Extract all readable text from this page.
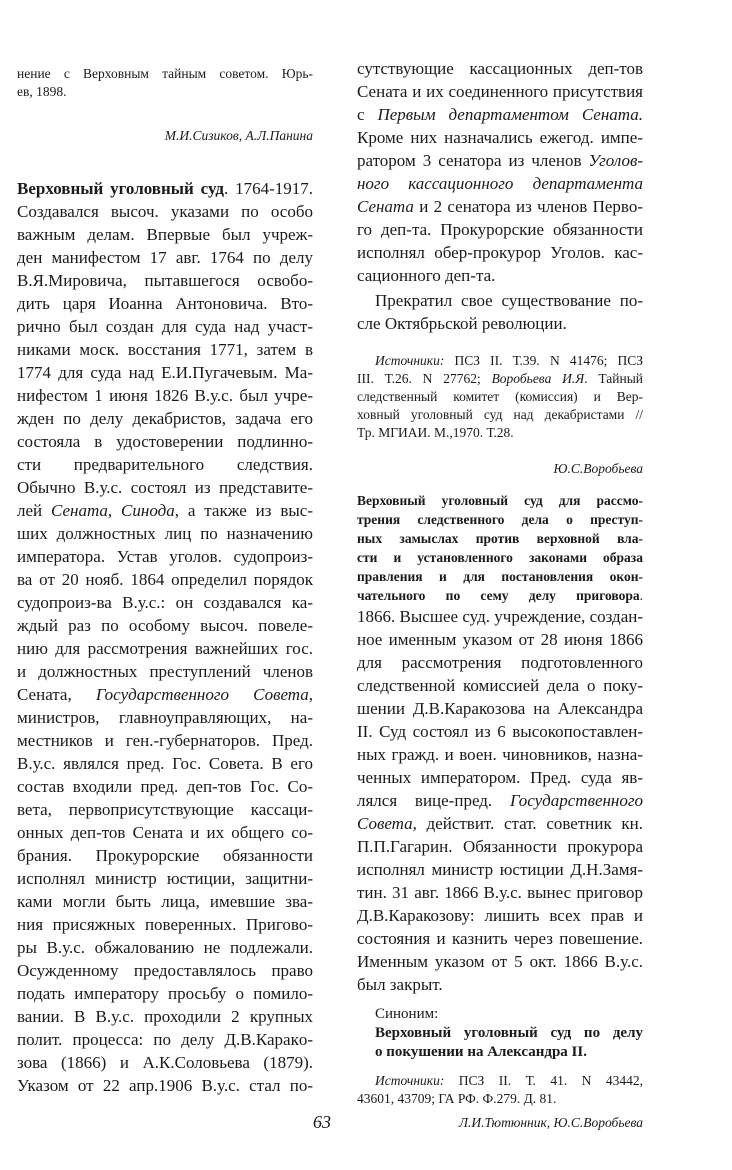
нение с Верховным тайным советом. Юрь-
ев, 1898.
М.И.Сизиков, А.Л.Панина
Верховный уголовный суд. 1764-1917.
Создавался высоч. указами по особо
важным делам. Впервые был учреж-
ден манифестом 17 авг. 1764 по делу
В.Я.Мировича, пытавшегося освобо-
дить царя Иоанна Антоновича. Вто-
рично был создан для суда над участ-
никами моск. восстания 1771, затем в
1774 для суда над Е.И.Пугачевым. Ма-
нифестом 1 июня 1826 В.у.с. был учре-
жден по делу декабристов, задача его
состояла в удостоверении подлинно-
сти предварительного следствия.
Обычно В.у.с. состоял из представите-
лей Сената, Синода, а также из выс-
ших должностных лиц по назначению
императора. Устав уголов. судопроиз-
ва от 20 нояб. 1864 определил порядок
судопроиз-ва В.у.с.: он создавался ка-
ждый раз по особому высоч. повеле-
нию для рассмотрения важнейших гос.
и должностных преступлений членов
Сената, Государственного Совета,
министров, главноуправляющих, на-
местников и ген.-губернаторов. Пред.
В.у.с. являлся пред. Гос. Совета. В его
состав входили пред. деп-тов Гос. Со-
вета, первоприсутствующие кассаци-
онных деп-тов Сената и их общего со-
брания. Прокурорские обязанности
исполнял министр юстиции, защитни-
ками могли быть лица, имевшие зва-
ния присяжных поверенных. Пригово-
ры В.у.с. обжалованию не подлежали.
Осужденному предоставлялось право
подать императору просьбу о помило-
вании. В В.у.с. проходили 2 крупных
полит. процесса: по делу Д.В.Каракo-
зова (1866) и А.К.Соловьева (1879).
Указом от 22 апр.1906 В.у.с. стал по-
сутствующие кассационных деп-тов
Сената и их соединенного присутствия
с Первым департаментом Сената.
Кроме них назначались ежегод. импе-
ратором 3 сенатора из членов Уголов-
ного кассационного департамента
Сената и 2 сенатора из членов Перво-
го деп-та. Прокурорские обязанности
исполнял обер-прокурор Уголов. кас-
сационного деп-та.
Прекратил свое существование по-
сле Октябрьской революции.
Источники: ПСЗ II. Т.39. N 41476; ПСЗ
III. Т.26. N 27762; Воробьева И.Я. Тайный
следственный комитет (комиссия) и Вер-
ховный уголовный суд над декабристами //
Тр. МГИАИ. М.,1970. Т.28.
Ю.С.Воробьева
Верховный уголовный суд для рассмо-
трения следственного дела о преступ-
ных замыслах против верховной вла-
сти и установленного законами образа
правления и для постановления окон-
чательного по сему делу приговора.
1866. Высшее суд. учреждение, создан-
ное именным указом от 28 июня 1866
для рассмотрения подготовленного
следственной комиссией дела о поку-
шении Д.В.Каракозова на Александра
II. Суд состоял из 6 высокопоставлен-
ных гражд. и воен. чиновников, назна-
ченных императором. Пред. суда яв-
лялся вице-пред. Государственного
Совета, действит. стат. советник кн.
П.П.Гагарин. Обязанности прокурора
исполнял министр юстиции Д.Н.Замя-
тин. 31 авг. 1866 В.у.с. вынес приговор
Д.В.Каракозову: лишить всех прав и
состояния и казнить через повешение.
Именным указом от 5 окт. 1866 В.у.с.
был закрыт.
Синоним:
Верховный уголовный суд по делу
о покушении на Александра II.
Источники: ПСЗ II. Т. 41. N 43442,
43601, 43709; ГА РФ. Ф.279. Д. 81.
Л.И.Тютюнник, Ю.С.Воробьева
63
